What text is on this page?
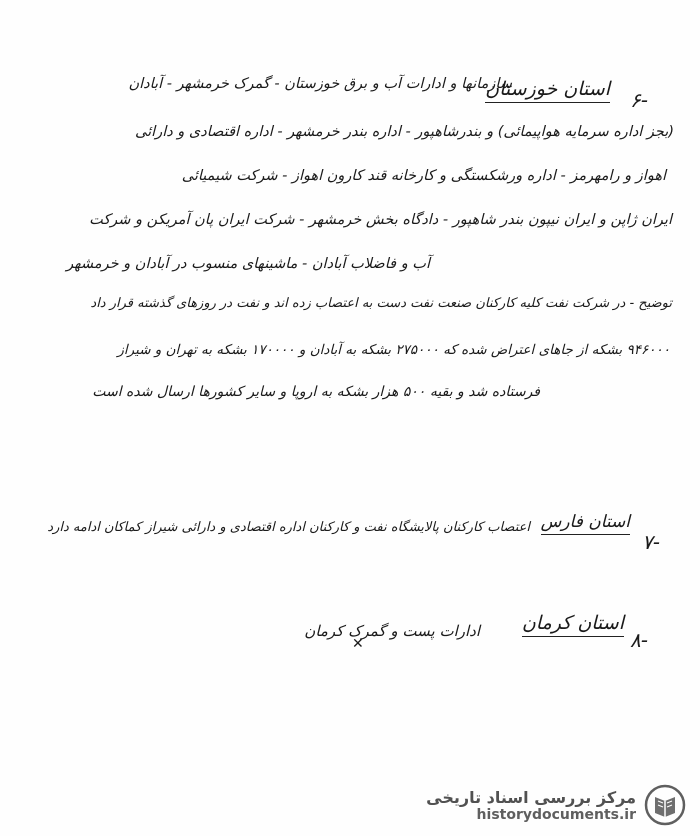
۶-
استان خوزستان
سازمانها و ادارات آب و برق خوزستان - گمرک خرمشهر - آبادان
(بجز اداره سرمایه هواپیمائی) و بندرشاهپور - اداره بندر خرمشهر - اداره اقتصادی و دارائی
اهواز و رامهرمز - اداره ورشکستگی و کارخانه قند کارون اهواز - شرکت شیمیائی
ایران ژاپن و ایران نیپون بندر شاهپور - دادگاه بخش خرمشهر - شرکت ایران پان آمریکن و شرکت
آب و فاضلاب آبادان - ماشینهای منسوب در آبادان و خرمشهر
توضیح - در شرکت نفت کلیه کارکنان صنعت نفت دست به اعتصاب زده اند و نفت در روزهای گذشته قرار داد
۹۴۶۰۰۰ بشکه از جاهای اعتراض شده که ۲۷۵۰۰۰ بشکه به آبادان و ۱۷۰۰۰۰ بشکه به تهران و شیراز
فرستاده شد و بقیه ۵۰۰ هزار بشکه به اروپا و سایر کشورها ارسال شده است
۷-
استان فارس
اعتصاب کارکنان پالایشگاه نفت و کارکنان اداره اقتصادی و دارائی شیراز کماکان ادامه دارد
۸-
استان کرمان
ادارات پست و گمرک کرمان
✕
مرکز بررسی اسناد تاریخی
historydocuments.ir
